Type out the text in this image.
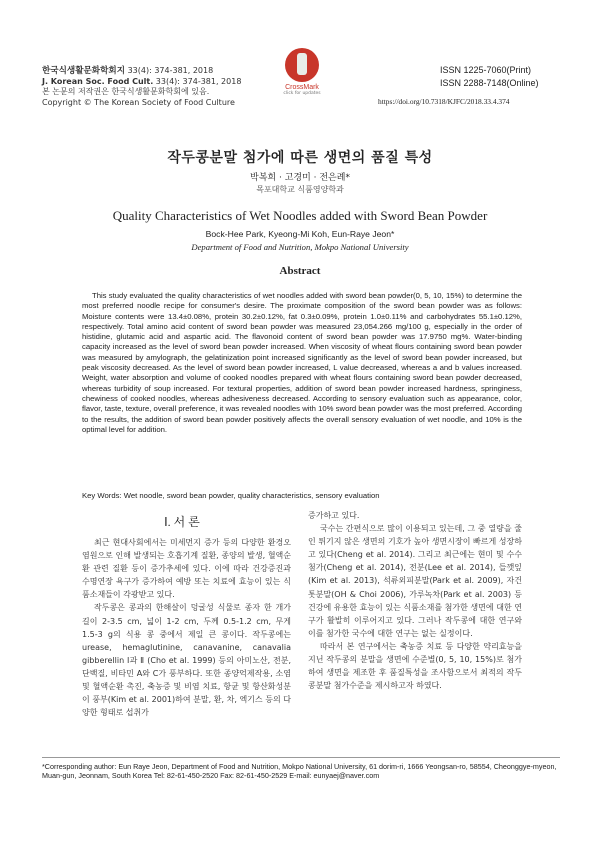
한국식생활문화학회지 33(4): 374-381, 2018
J. Korean Soc. Food Cult. 33(4): 374-381, 2018
본 논문의 저작권은 한국식생활문화학회에 있음.
Copyright © The Korean Society of Food Culture
CrossMark
click for updates
ISSN 1225-7060(Print)
ISSN 2288-7148(Online)
https://doi.org/10.7318/KJFC/2018.33.4.374
작두콩분말 첨가에 따른 생면의 품질 특성
박복희 · 고경미 · 전은례*
목포대학교 식품영양학과
Quality Characteristics of Wet Noodles added with Sword Bean Powder
Bock-Hee Park, Kyeong-Mi Koh, Eun-Raye Jeon*
Department of Food and Nutrition, Mokpo National University
Abstract
This study evaluated the quality characteristics of wet noodles added with sword bean powder(0, 5, 10, 15%) to determine the most preferred noodle recipe for consumer's desire. The proximate composition of the sword bean powder was as follows: Moisture contents were 13.4±0.08%, protein 30.2±0.12%, fat 0.3±0.09%, protein 1.0±0.11% and carbohydrates 55.1±0.12%, respectively. Total amino acid content of sword bean powder was measured 23,054.266 mg/100 g, especially in the order of histidine, glutamic acid and aspartic acid. The flavonoid content of sword bean powder was 17.9750 mg%. Water-binding capacity increased as the level of sword bean powder increased. When viscosity of wheat flours containing sword bean powder was measured by amylograph, the gelatinization point increased significantly as the level of sword bean powder increased, but peak viscosity decreased. As the level of sword bean powder increased, L value decreased, whereas a and b values increased. Weight, water absorption and volume of cooked noodles prepared with wheat flours containing sword bean powder decreased, whereas turbidity of soup increased. For textural properties, addition of sword bean powder increased hardness, springiness, chewiness of cooked noodles, whereas adhesiveness decreased. According to sensory evaluation such as appearance, color, flavor, taste, texture, overall preference, it was revealed noodles with 10% sword bean powder was the most preferred. According to the results, the addition of sword bean powder positively affects the overall sensory evaluation of wet noodle, and 10% is the optimal level for addition.
Key Words: Wet noodle, sword bean powder, quality characteristics, sensory evaluation
Ⅰ. 서 론

최근 현대사회에서는 미세먼지 증가 등의 다양한 환경오염원으로 인해 발생되는 호흡기계 질환, 종양의 발생, 혈액순환 관련 질환 등이 증가추세에 있다. 이에 따라 건강증진과 수명연장 욕구가 증가하여 예방 또는 치료에 효능이 있는 식품소재들이 각광받고 있다.

작두콩은 콩과의 한해살이 덩굴성 식물로 종자 한 개가 길이 2-3.5 cm, 넓이 1-2 cm, 두께 0.5-1.2 cm, 무게 1.5-3 g의 식용 콩 중에서 제일 큰 콩이다. 작두콩에는 urease, hemaglutinine, canavanine, canavalia gibberellin Ⅰ과 Ⅱ (Cho et al. 1999) 등의 아미노산, 전분, 단백질, 비타민 A와 C가 풍부하다. 또한 종양억제작용, 소염 및 혈액순환 촉진, 축농증 및 비염 치료, 항균 및 항산화성분이 풍부(Kim et al. 2001)하여 분말, 환, 차, 엑기스 등의 다양한 형태로 섭취가

증가하고 있다.

국수는 간편식으로 많이 이용되고 있는데, 그 중 열량을 줄인 튀기지 않은 생면의 기호가 높아 생면시장이 빠르게 성장하고 있다(Cheng et al. 2014). 그리고 최근에는 현미 및 수수첨가(Cheng et al. 2014), 전분(Lee et al. 2014), 들깻잎(Kim et al. 2013), 석류외피분말(Park et al. 2009), 자건톳분말(OH & Choi 2006), 가루녹차(Park et al. 2003) 등 건강에 유용한 효능이 있는 식품소재를 첨가한 생면에 대한 연구가 활발히 이루어지고 있다. 그러나 작두콩에 대한 연구와 이를 첨가한 국수에 대한 연구는 없는 실정이다.

따라서 본 연구에서는 축농증 치료 등 다양한 약리효능을 지닌 작두콩의 분말을 생면에 수준별(0, 5, 10, 15%)로 첨가하여 생면을 제조한 후 품질특성을 조사함으로서 최적의 작두콩분말 첨가수준을 제시하고자 하였다.

*Corresponding author: Eun Raye Jeon, Department of Food and Nutrition, Mokpo National University, 61 dorim-ri, 1666 Yeongsan-ro, 58554, Cheonggye-myeon, Muan-gun, Jeonnam, South Korea Tel: 82-61-450-2520 Fax: 82-61-450-2529 E-mail: eunyaej@naver.com
